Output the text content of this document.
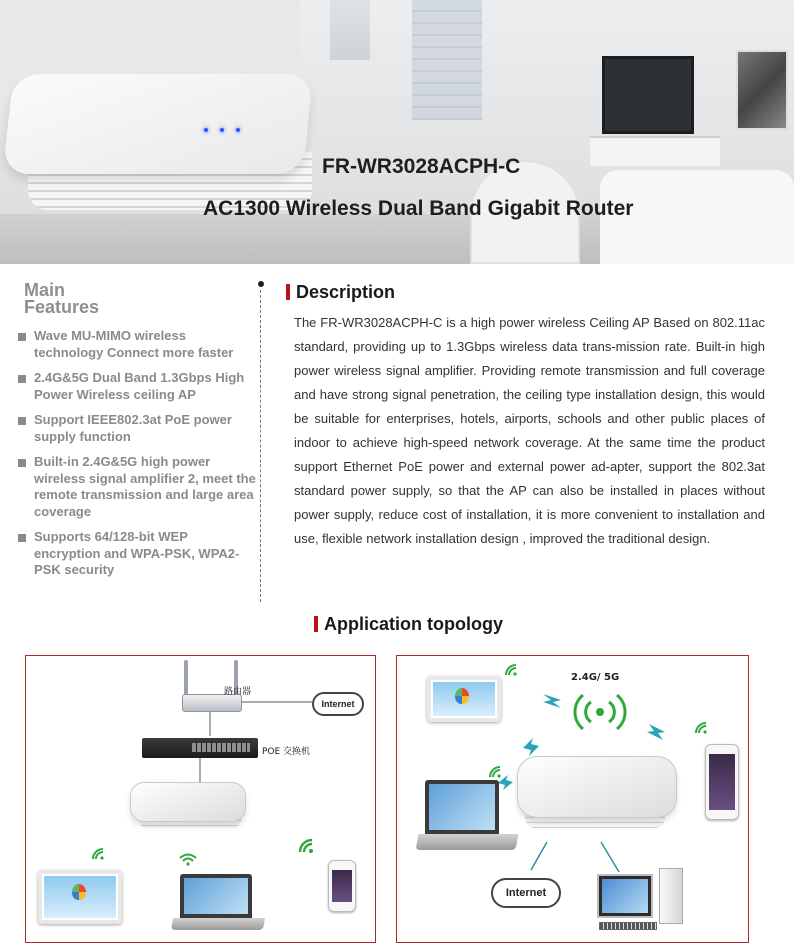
FR-WR3028ACPH-C
AC1300 Wireless Dual Band Gigabit Router
Main
Features
Wave MU-MIMO wireless technology Connect more faster
2.4G&5G Dual Band 1.3Gbps High Power Wireless ceiling AP
Support IEEE802.3at PoE power supply function
Built-in 2.4G&5G high power wireless signal amplifier 2, meet the remote transmission and large area coverage
Supports 64/128-bit WEP encryption and WPA-PSK, WPA2-PSK security
Description
The FR-WR3028ACPH-C is a high power wireless Ceiling AP Based on 802.11ac standard, providing up to 1.3Gbps wireless data trans-mission rate. Built-in high power wireless signal amplifier. Providing remote transmission and full coverage and have strong signal penetration, the ceiling type installation design, this would be suitable for enterprises, hotels, airports, schools and other public places of indoor to achieve high-speed network coverage. At the same time the product support Ethernet PoE power and external power ad-apter, support the 802.3at standard power supply, so that the AP can also be installed in places without power supply, reduce cost of installation, it is more convenient to installation and use, flexible network installation design , improved the traditional design.
Application topology
路由器
Internet
POE 交换机
2.4G/ 5G
Internet
